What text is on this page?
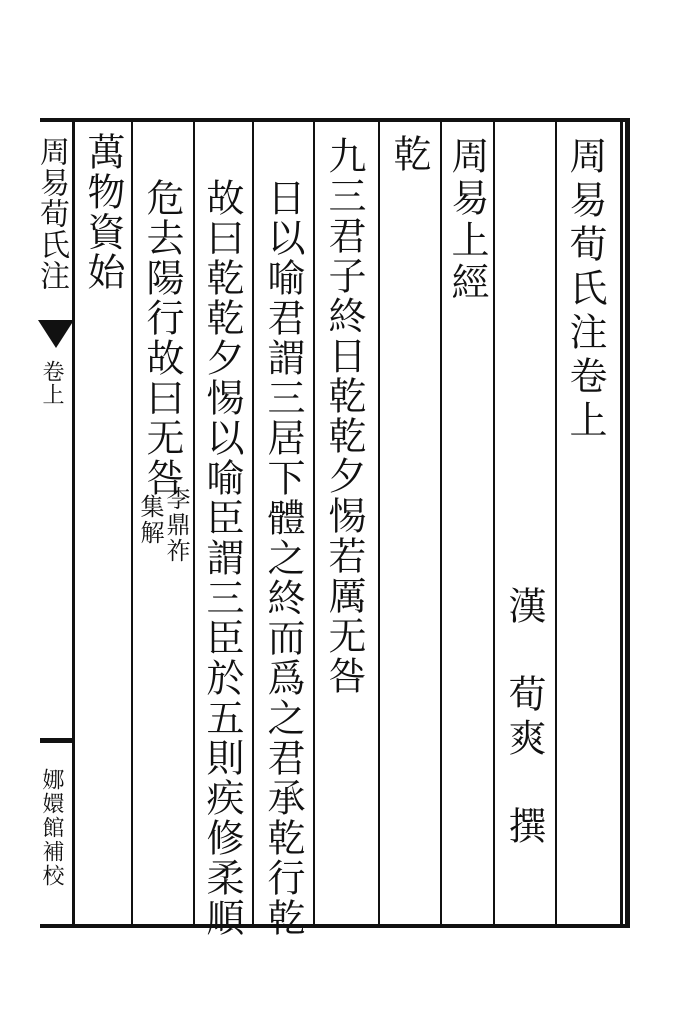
周易荀氏注卷上
漢　荀爽　撰
周易上經
乾
九三君子終日乾乾夕惕若厲无咎
日以喻君謂三居下體之終而爲之君承乾行乾
故曰乾乾夕惕以喻臣謂三臣於五則疾修柔順
危去陽行故曰无咎
李鼎祚
集解
萬物資始
周易荀氏注
卷上
娜嬛館補校
